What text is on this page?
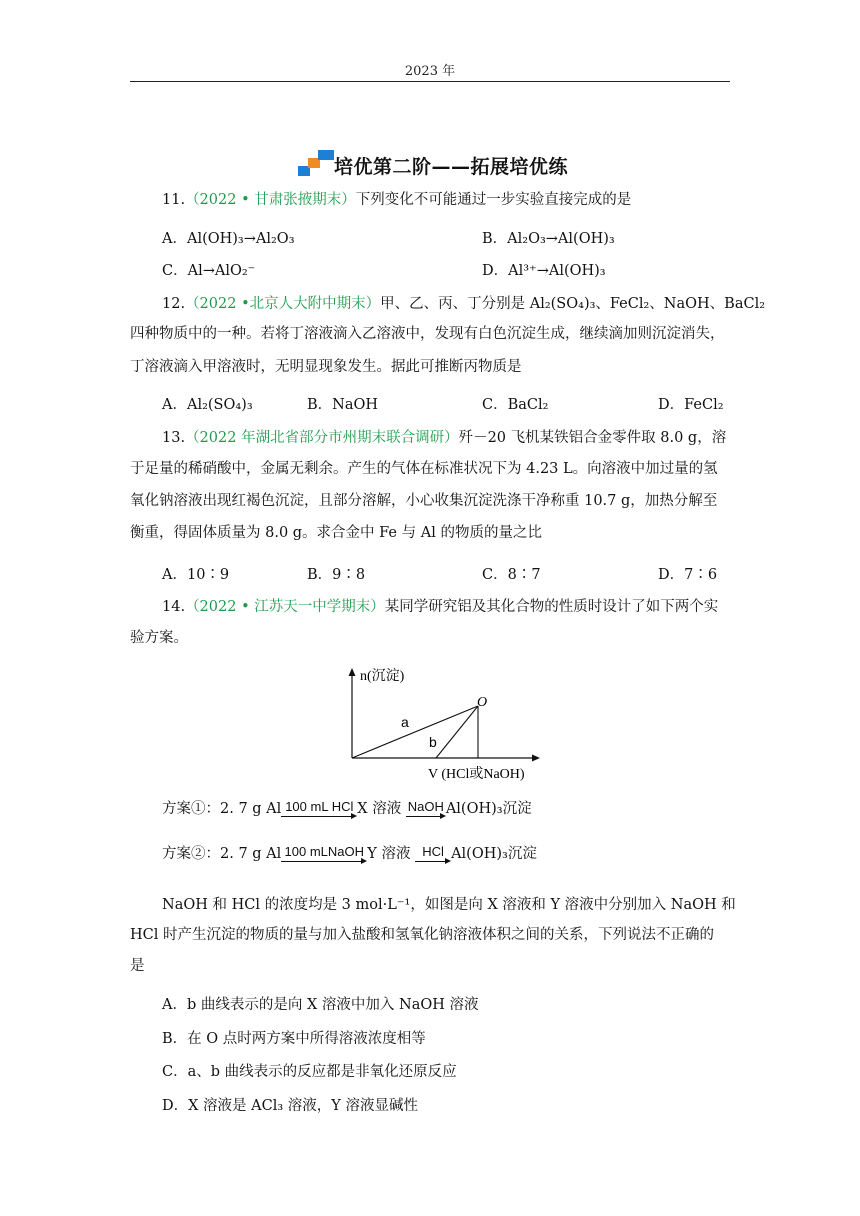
2023 年
培优第二阶——拓展培优练
11.（2022 • 甘肃张掖期末）下列变化不可能通过一步实验直接完成的是
A．Al(OH)₃→Al₂O₃	B．Al₂O₃→Al(OH)₃
C．Al→AlO₂⁻	D．Al³⁺→Al(OH)₃
12.（2022 •北京人大附中期末）甲、乙、丙、丁分别是 Al₂(SO₄)₃、FeCl₂、NaOH、BaCl₂
四种物质中的一种。若将丁溶液滴入乙溶液中，发现有白色沉淀生成，继续滴加则沉淀消失，
丁溶液滴入甲溶液时，无明显现象发生。据此可推断丙物质是
A．Al₂(SO₄)₃	B．NaOH	C．BaCl₂	D．FeCl₂
13.（2022 年湖北省部分市州期末联合调研）歼－20 飞机某铁铝合金零件取 8.0 g，溶
于足量的稀硝酸中，金属无剩余。产生的气体在标准状况下为 4.23 L。向溶液中加过量的氢
氧化钠溶液出现红褐色沉淀，且部分溶解，小心收集沉淀洗涤干净称重 10.7 g，加热分解至
衡重，得固体质量为 8.0 g。求合金中 Fe 与 Al 的物质的量之比
A．10∶9	B．9∶8	C．8∶7	D．7∶6
14.（2022 • 江苏天一中学期末）某同学研究铝及其化合物的性质时设计了如下两个实
验方案。
n(沉淀)
V (HCl或NaOH)
a
b
O
方案①：2. 7 g Al 100 mL HCl X 溶液 NaOH Al(OH)₃沉淀
方案②：2. 7 g Al 100 mLNaOH Y 溶液 HCl Al(OH)₃沉淀
NaOH 和 HCl 的浓度均是 3 mol·L⁻¹，如图是向 X 溶液和 Y 溶液中分别加入 NaOH 和
HCl 时产生沉淀的物质的量与加入盐酸和氢氧化钠溶液体积之间的关系，下列说法不正确的
是
A．b 曲线表示的是向 X 溶液中加入 NaOH 溶液
B．在 O 点时两方案中所得溶液浓度相等
C．a、b 曲线表示的反应都是非氧化还原反应
D．X 溶液是 ACl₃ 溶液，Y 溶液显碱性
